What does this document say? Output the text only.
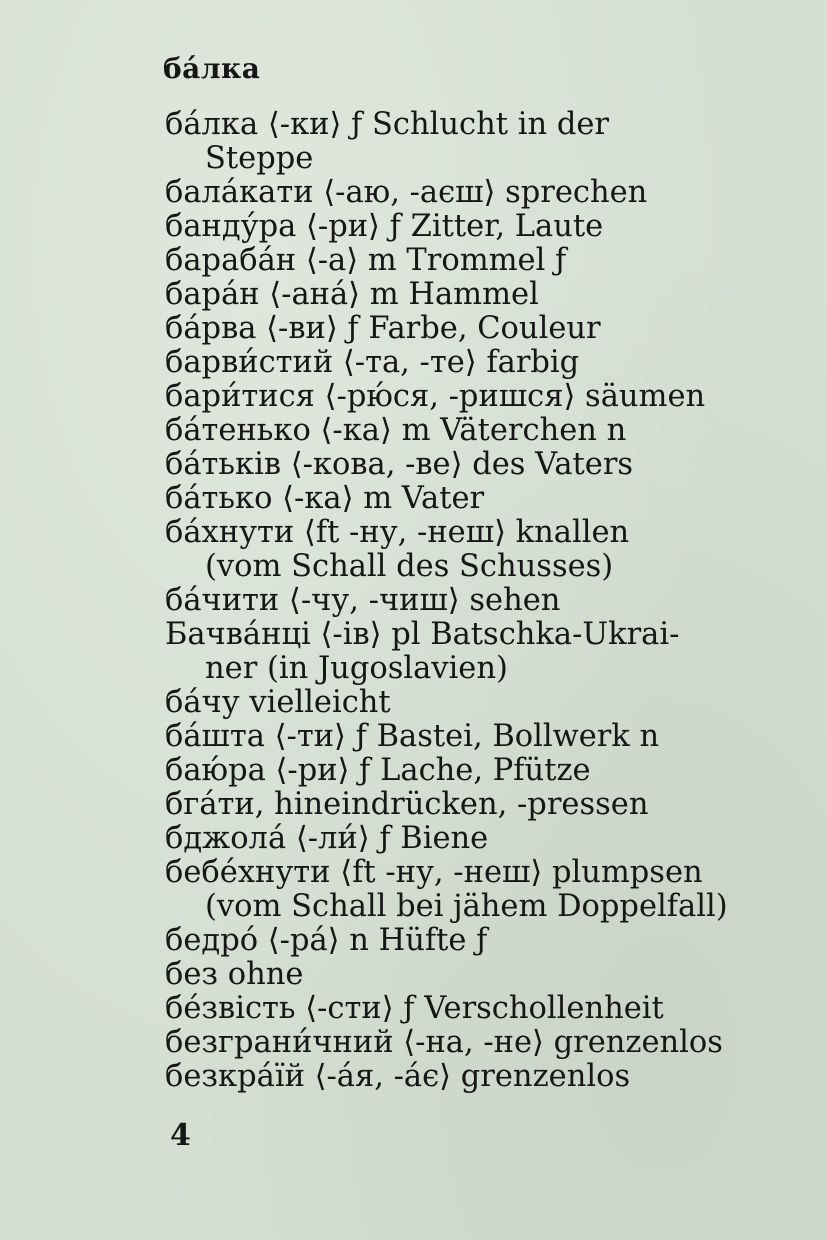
ба́лка
ба́лка ⟨-ки⟩ ƒ Schlucht in der
Steppe
бала́кати ⟨-аю, -аєш⟩ sprechen
банду́ра ⟨-ри⟩ ƒ Zitter, Laute
бараба́н ⟨-а⟩ m Trommel ƒ
бара́н ⟨-ана́⟩ m Hammel
ба́рва ⟨-ви⟩ ƒ Farbe, Couleur
барви́стий ⟨-та, -те⟩ farbig
бари́тися ⟨-рю́ся, -ришся⟩ säumen
ба́тенько ⟨-ка⟩ m Väterchen n
ба́тьків ⟨-кова, -ве⟩ des Vaters
ба́тько ⟨-ка⟩ m Vater
ба́хнути ⟨ft -ну, -неш⟩ knallen
(vom Schall des Schusses)
ба́чити ⟨-чу, -чиш⟩ sehen
Бачва́нці ⟨-ів⟩ pl Batschka-Ukrai-
ner (in Jugoslavien)
ба́чу vielleicht
ба́шта ⟨-ти⟩ ƒ Bastei, Bollwerk n
баю́ра ⟨-ри⟩ ƒ Lache, Pfütze
бга́ти, hineindrücken, -pressen
бджола́ ⟨-ли́⟩ ƒ Biene
бебе́хнути ⟨ft -ну, -неш⟩ plumpsen
(vom Schall bei jähem Doppelfall)
бедро́ ⟨-ра́⟩ n Hüfte ƒ
без ohne
бе́звість ⟨-сти⟩ ƒ Verschollenheit
безграни́чний ⟨-на, -не⟩ grenzenlos
безкра́їй ⟨-а́я, -а́є⟩ grenzenlos
4
